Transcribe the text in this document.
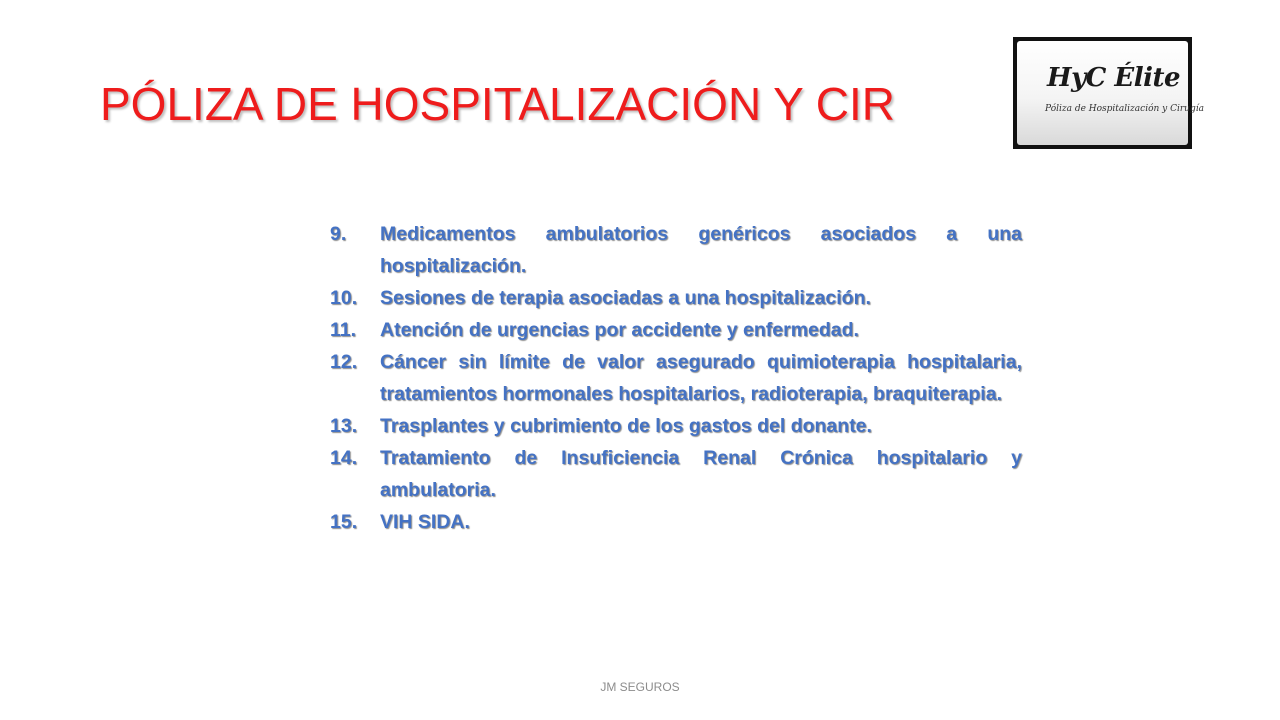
PÓLIZA DE HOSPITALIZACIÓN Y CIR	HyC Élite
Póliza de Hospitalización y Cirugía
9.	Medicamentos ambulatorios genéricos asociados a una hospitalización.
10.	Sesiones de terapia asociadas a una hospitalización.
11.	Atención de urgencias por accidente y enfermedad.
12.	Cáncer sin límite de valor asegurado quimioterapia hospitalaria, tratamientos hormonales hospitalarios, radioterapia, braquiterapia.
13.	Trasplantes y cubrimiento de los gastos del donante.
14.	Tratamiento de Insuficiencia Renal Crónica hospitalario y ambulatoria.
15.	VIH SIDA.
JM SEGUROS
